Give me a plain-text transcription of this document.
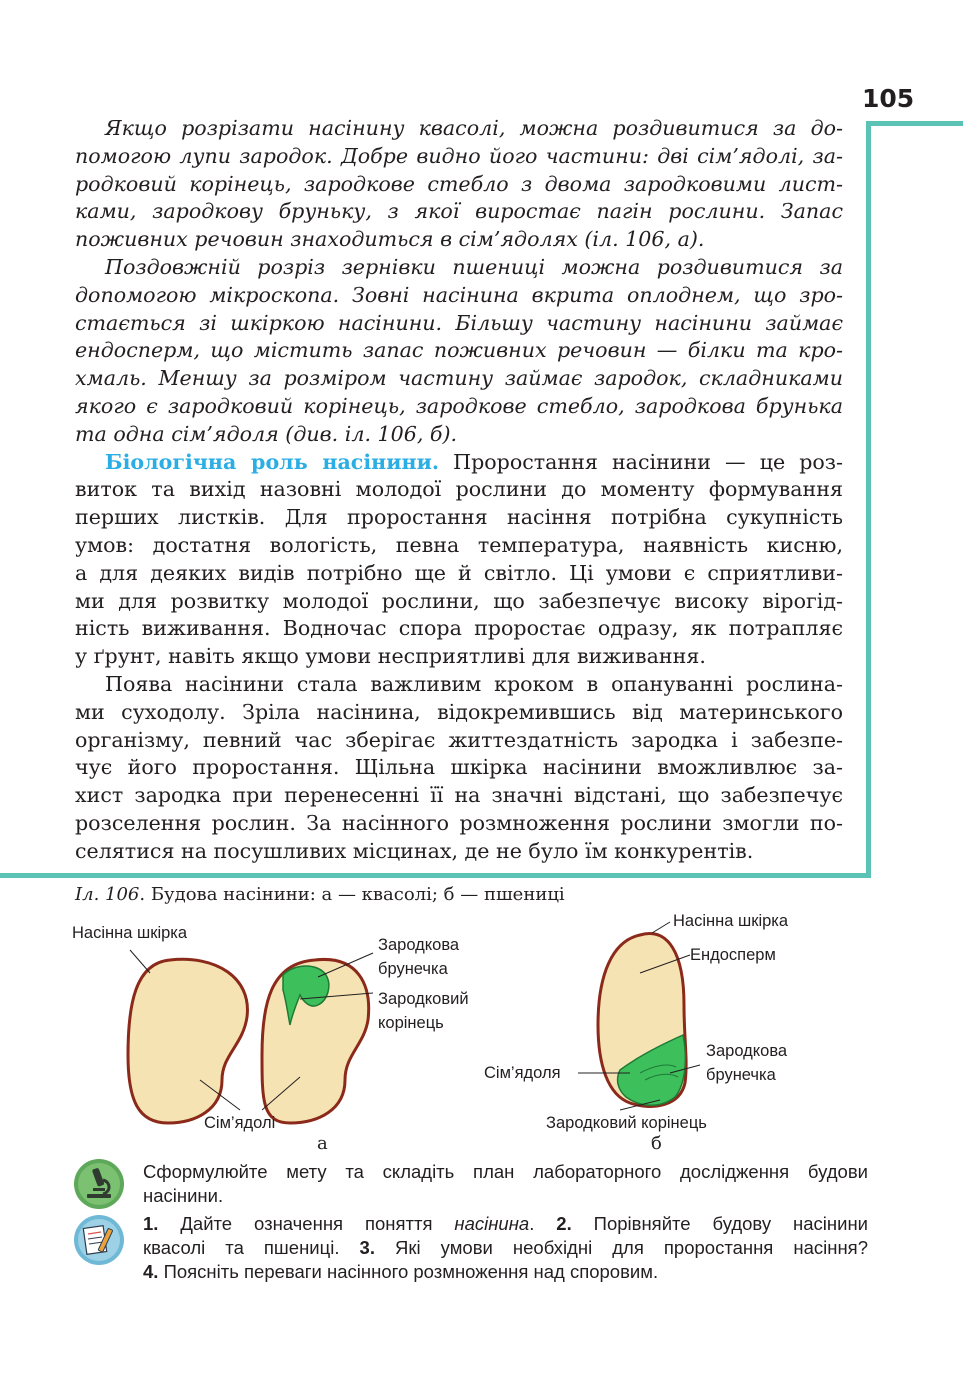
105

Якщо розрізати насінину квасолі, можна роздивитися за до-
помогою лупи зародок. Добре видно його частини: дві сім’ядолі, за-
родковий корінець, зародкове стебло з двома зародковими лист-
ками, зародкову бруньку, з якої виростає пагін рослини. Запас
поживних речовин знаходиться в сім’ядолях (іл. 106, а).

Поздовжній розріз зернівки пшениці можна роздивитися за
допомогою мікроскопа. Зовні насінина вкрита оплоднем, що зро-
стається зі шкіркою насінини. Більшу частину насінини займає
ендосперм, що містить запас поживних речовин — білки та кро-
хмаль. Меншу за розміром частину займає зародок, складниками
якого є зародковий корінець, зародкове стебло, зародкова брунька
та одна сім’ядоля (див. іл. 106, б).

Біологічна роль насінини. Проростання насінини — це роз-
виток та вихід назовні молодої рослини до моменту формування
перших листків. Для проростання насіння потрібна сукупність
умов: достатня вологість, певна температура, наявність кисню,
а для деяких видів потрібно ще й світло. Ці умови є сприятливи-
ми для розвитку молодої рослини, що забезпечує високу вірогід-
ність виживання. Водночас спора проростає одразу, як потрапляє
у ґрунт, навіть якщо умови несприятливі для виживання.

Поява насінини стала важливим кроком в опануванні рослина-
ми суходолу. Зріла насінина, відокремившись від материнського
організму, певний час зберігає життездатність зародка і забезпе-
чує його проростання. Щільна шкірка насінини вможливлює за-
хист зародка при перенесенні її на значні відстані, що забезпечує
розселення рослин. За насінного розмноження рослини змогли по-
селятися на посушливих місцинах, де не було їм конкурентів.

Іл. 106. Будова насінини: а — квасолі; б — пшениці
Насінна шкірка
Зародкова
брунечка
Зародковий
корінець
Сім’ядолі
а
Насінна шкірка
Ендосперм
Зародкова
брунечка
Сім’ядоля
Зародковий корінець
б

Сформулюйте мету та складіть план лабораторного дослідження будови
насінини.

1. Дайте означення поняття насінина. 2. Порівняйте будову насінини
квасолі та пшениці. 3. Які умови необхідні для проростання насіння?
4. Поясніть переваги насінного розмноження над споровим.
